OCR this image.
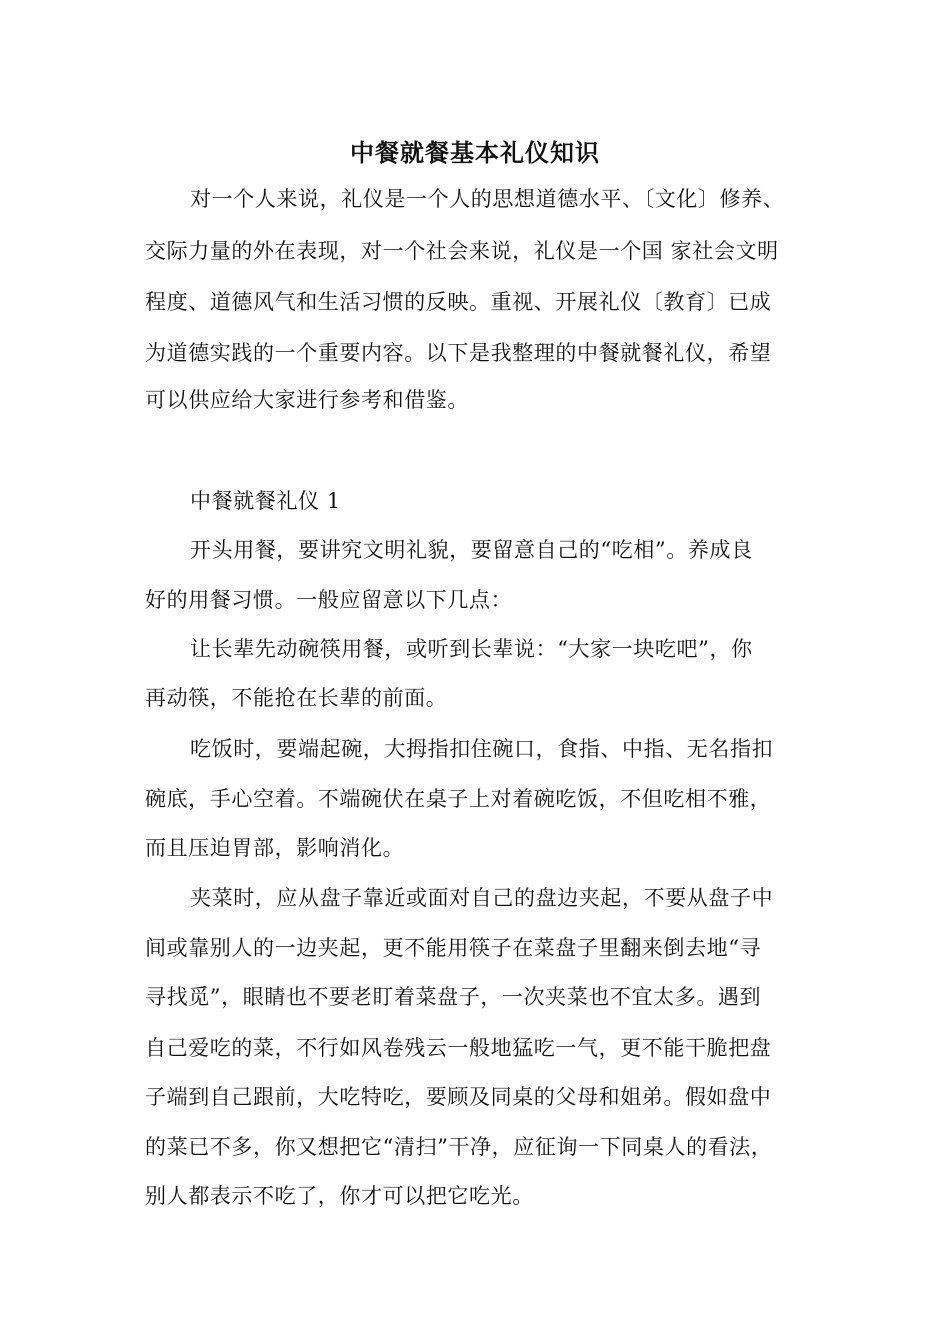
中餐就餐基本礼仪知识
对一个人来说，礼仪是一个人的思想道德水平、〔文化〕修养、
交际力量的外在表现，对一个社会来说，礼仪是一个国 家社会文明
程度、道德风气和生活习惯的反映。重视、开展礼仪〔教育〕已成
为道德实践的一个重要内容。以下是我整理的中餐就餐礼仪，希望
可以供应给大家进行参考和借鉴。
中餐就餐礼仪 1
开头用餐，要讲究文明礼貌，要留意自己的“吃相”。养成良
好的用餐习惯。一般应留意以下几点：
让长辈先动碗筷用餐，或听到长辈说：“大家一块吃吧”，你
再动筷，不能抢在长辈的前面。
吃饭时，要端起碗，大拇指扣住碗口，食指、中指、无名指扣
碗底，手心空着。不端碗伏在桌子上对着碗吃饭，不但吃相不雅，
而且压迫胃部，影响消化。
夹菜时，应从盘子靠近或面对自己的盘边夹起，不要从盘子中
间或靠别人的一边夹起，更不能用筷子在菜盘子里翻来倒去地“寻
寻找觅”，眼睛也不要老盯着菜盘子，一次夹菜也不宜太多。遇到
自己爱吃的菜，不行如风卷残云一般地猛吃一气，更不能干脆把盘
子端到自己跟前，大吃特吃，要顾及同桌的父母和姐弟。假如盘中
的菜已不多，你又想把它“清扫”干净，应征询一下同桌人的看法，
别人都表示不吃了，你才可以把它吃光。
